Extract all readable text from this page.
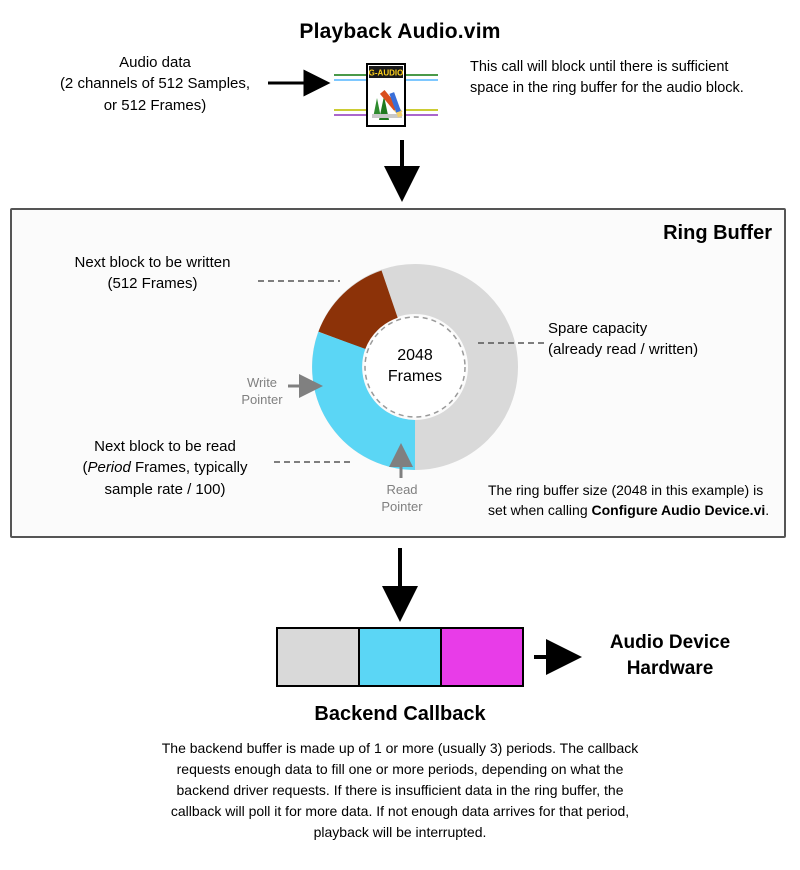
Playback Audio.vim
Audio data
(2 channels of 512 Samples,
or 512 Frames)
This call will block until there is sufficient space in the ring buffer for the audio block.
G-AUDIO
Ring Buffer
2048
Frames
Next block to be written
(512 Frames)
Next block to be read
(Period Frames, typically
sample rate / 100)
Spare capacity
(already read / written)
Write
Pointer
Read
Pointer
The ring buffer size (2048 in this example) is set when calling Configure Audio Device.vi.
Backend Callback
The backend buffer is made up of 1 or more (usually 3) periods. The callback requests enough data to fill one or more periods, depending on what the backend driver requests. If there is insufficient data in the ring buffer, the callback will poll it for more data. If not enough data arrives for that period, playback will be interrupted.
Audio Device
Hardware
